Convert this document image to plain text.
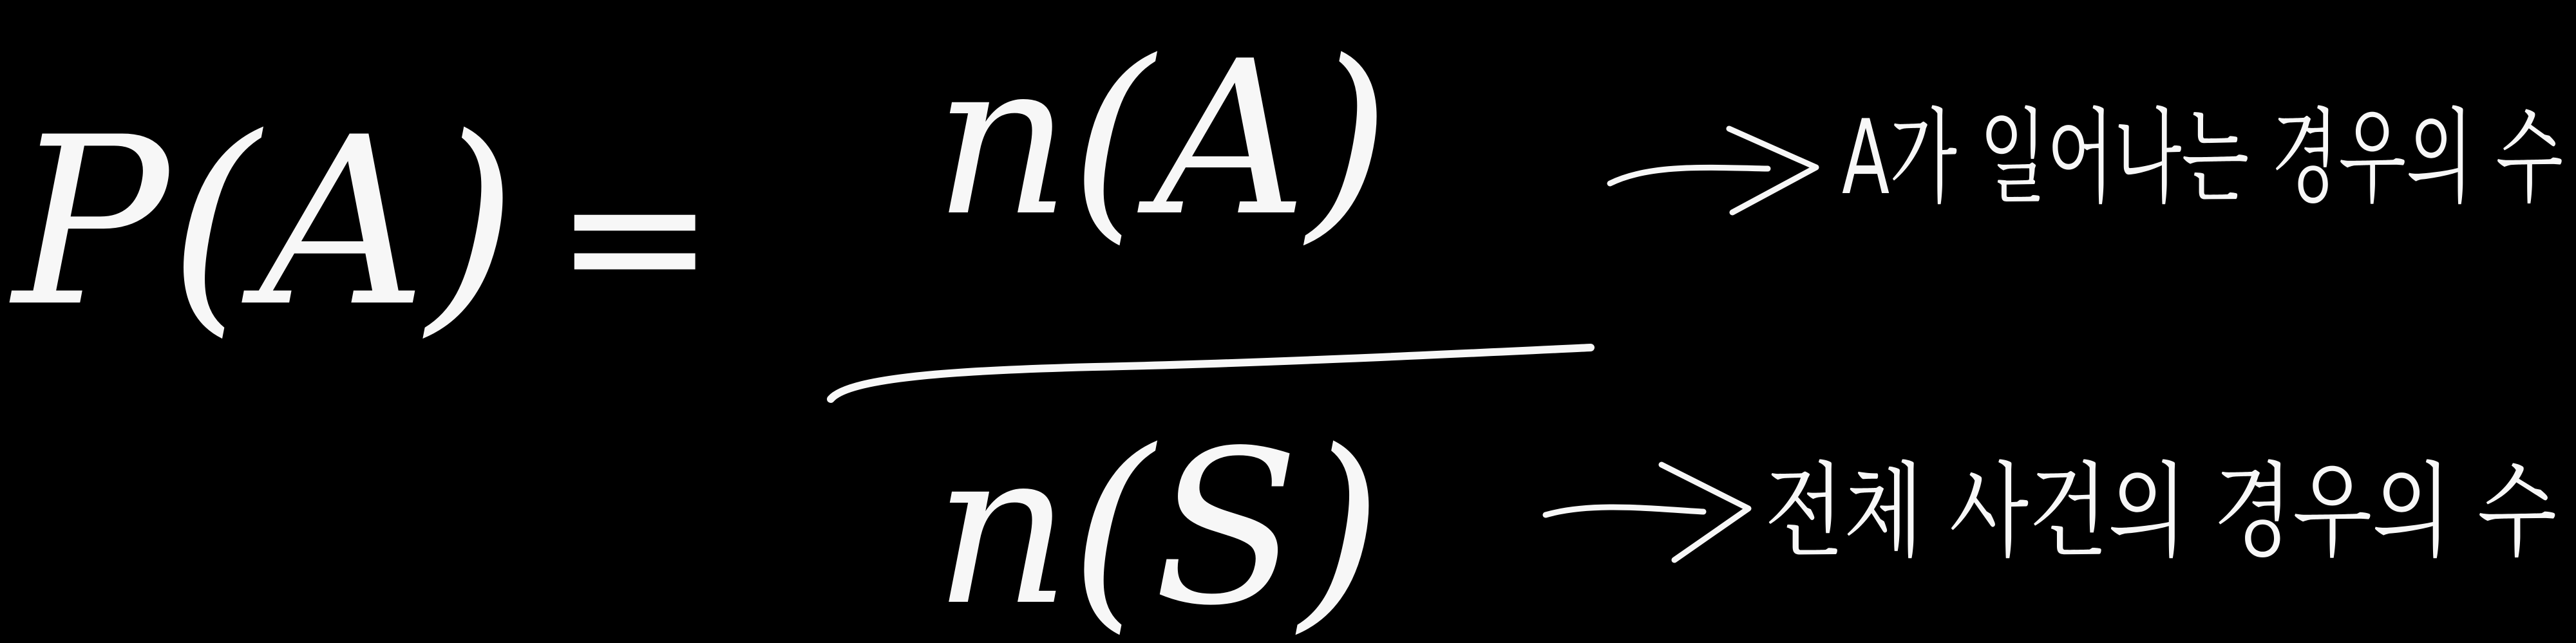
P(A) = n(A)
n(S)
A가 일어나는 경우의 수
전체 사건의 경우의 수
